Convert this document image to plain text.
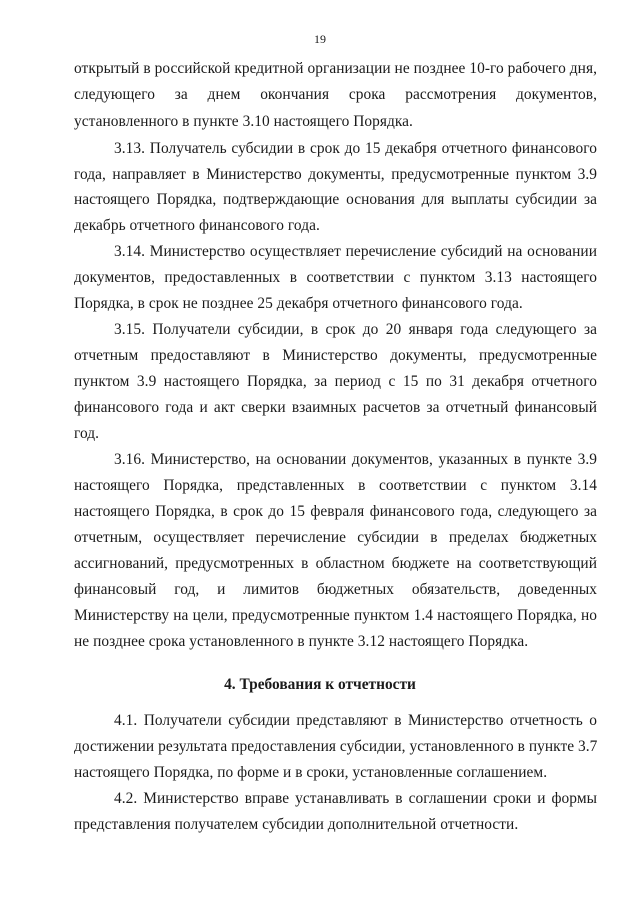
19
открытый в российской кредитной организации не позднее 10-го рабочего дня,
следующего за днем окончания срока рассмотрения документов,
установленного в пункте 3.10 настоящего Порядка.
3.13. Получатель субсидии в срок до 15 декабря отчетного финансового
года, направляет в Министерство документы, предусмотренные пунктом 3.9
настоящего Порядка, подтверждающие основания для выплаты субсидии за
декабрь отчетного финансового года.
3.14. Министерство осуществляет перечисление субсидий на основании
документов, предоставленных в соответствии с пунктом 3.13 настоящего
Порядка, в срок не позднее 25 декабря отчетного финансового года.
3.15. Получатели субсидии, в срок до 20 января года следующего за
отчетным предоставляют в Министерство документы, предусмотренные
пунктом 3.9 настоящего Порядка, за период с 15 по 31 декабря отчетного
финансового года и акт сверки взаимных расчетов за отчетный финансовый
год.
3.16. Министерство, на основании документов, указанных в пункте 3.9
настоящего Порядка, представленных в соответствии с пунктом 3.14
настоящего Порядка, в срок до 15 февраля финансового года, следующего за
отчетным, осуществляет перечисление субсидии в пределах бюджетных
ассигнований, предусмотренных в областном бюджете на соответствующий
финансовый год, и лимитов бюджетных обязательств, доведенных
Министерству на цели, предусмотренные пунктом 1.4 настоящего Порядка, но
не позднее срока установленного в пункте 3.12 настоящего Порядка.
4. Требования к отчетности
4.1. Получатели субсидии представляют в Министерство отчетность о
достижении результата предоставления субсидии, установленного в пункте 3.7
настоящего Порядка, по форме и в сроки, установленные соглашением.
4.2. Министерство вправе устанавливать в соглашении сроки и формы
представления получателем субсидии дополнительной отчетности.
